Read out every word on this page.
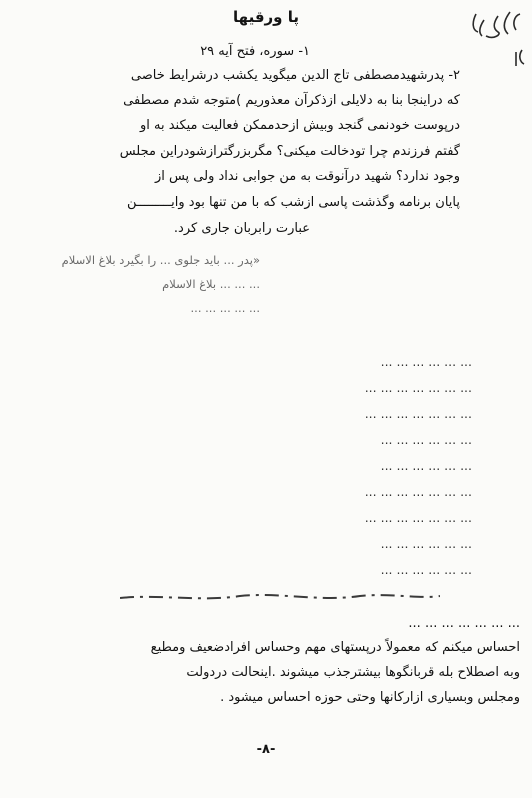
پا ورقیها
١- سوره، فتح آیه ٢٩
٢- پدرشهیدمصطفی تاج الدین میگوید یکشب درشرایط خاصی
که دراینجا بنا به دلایلی ازذکرآن معذوریم )متوجه شدم مصطفی
درپوست خودنمی گنجد وبیش ازحدممکن فعالیت میکند به او
گفتم فرزندم چرا تودخالت میکنی؟ مگربزرگترازشودراین مجلس
وجود ندارد؟ شهید درآنوقت به من جوابی نداد ولی پس از
پایان برنامه وگذشت پاسی ازشب که با من تنها بود وایـــــــــن
عبارت رابربان جاری کرد.
«پدر ... باید جلوی ... را بگیرد بلاغ الاسلام
... ... ... بلاغ الاسلام
... ... ... ... ...
... ... ... ... ... ...
... ... ... ... ... ... ...
... ... ... ... ... ... ...
... ... ... ... ... ...
... ... ... ... ... ...
... ... ... ... ... ... ...
... ... ... ... ... ... ...
... ... ... ... ... ...
... ... ... ... ... ...
... ... ... ... ... ... ...
احساس میکنم که معمولاً درپستهای مهم وحساس افرادضعیف ومطیع
وبه اصطلاح بله قربانگوها بیشترجذب میشوند .اینحالت دردولت
ومجلس وبسیاری ازارکانها وحتی حوزه احساس میشود .
-۸-
